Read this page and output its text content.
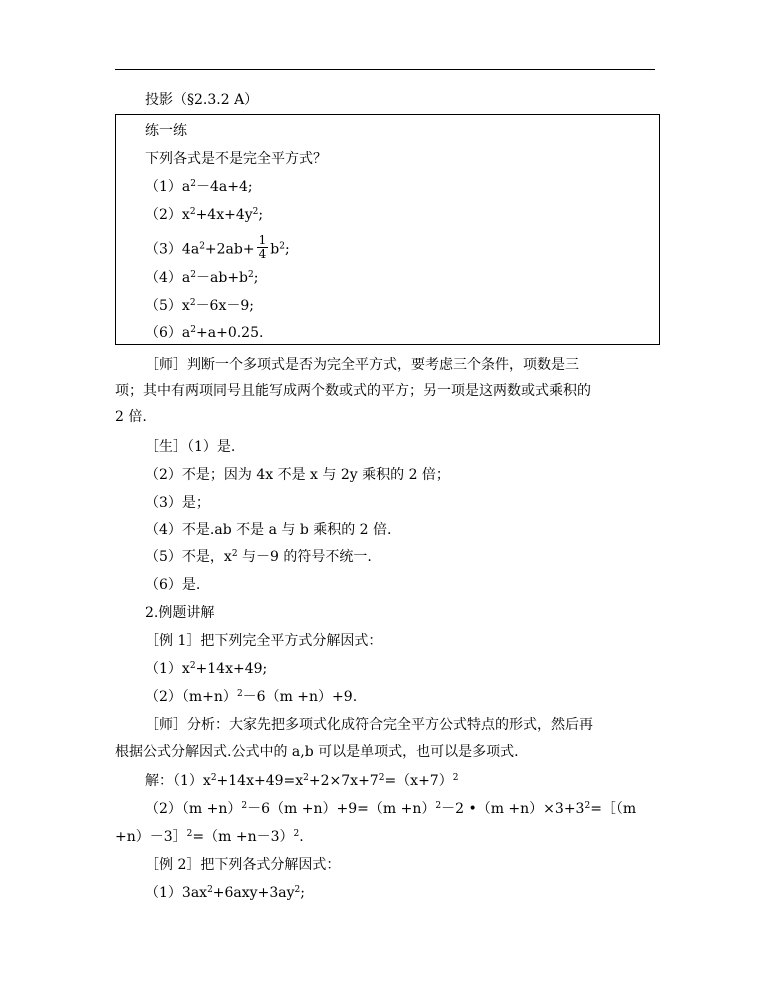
投影（§2.3.2 A）
练一练
下列各式是不是完全平方式？
$(1)a^2-4a+4$;
$(2)x^2+4x+4y^2$;
$(3)4a^2+2ab+ \frac{1}{4} b^2$;
$(4)a^2-ab+b^2$;
$(5)x^2-6x-9$;
$(6)a^2+a+0.25$.
［师］判断一个多项式是否为完全平方式，要考虑三个条件，项数是三
项；其中有两项同号且能写成两个数或式的平方；另一项是这两数或式乘积的
2 倍.
［生］（1）是.
（2）不是；因为 4x 不是 x 与 2y 乘积的 2 倍；
（3）是；
（4）不是.ab 不是 a 与 b 乘积的 2 倍.
（5）不是，$x^2$ 与－9 的符号不统一.
（6）是.
2.例题讲解
［例 1］把下列完全平方式分解因式：
$(1)x^2+14x+49$;
$(2)(m+n)^2-6(m +n)+9$.
［师］分析：大家先把多项式化成符合完全平方公式特点的形式，然后再
根据公式分解因式.公式中的 a,b 可以是单项式，也可以是多项式.
解：$(1)x^2+14x+49=x^2+2\times 7x+7^2=(x+7)^2$
$(2)(m +n)^2-6(m +n)+9=(m +n)^2-2$ •（m $+n)\times 3+3^2=[(m$
+n）－3］$^2$=（m +n－3）$^2$.
［例 2］把下列各式分解因式：
$(1)3ax^2+6axy+3ay^2$;
